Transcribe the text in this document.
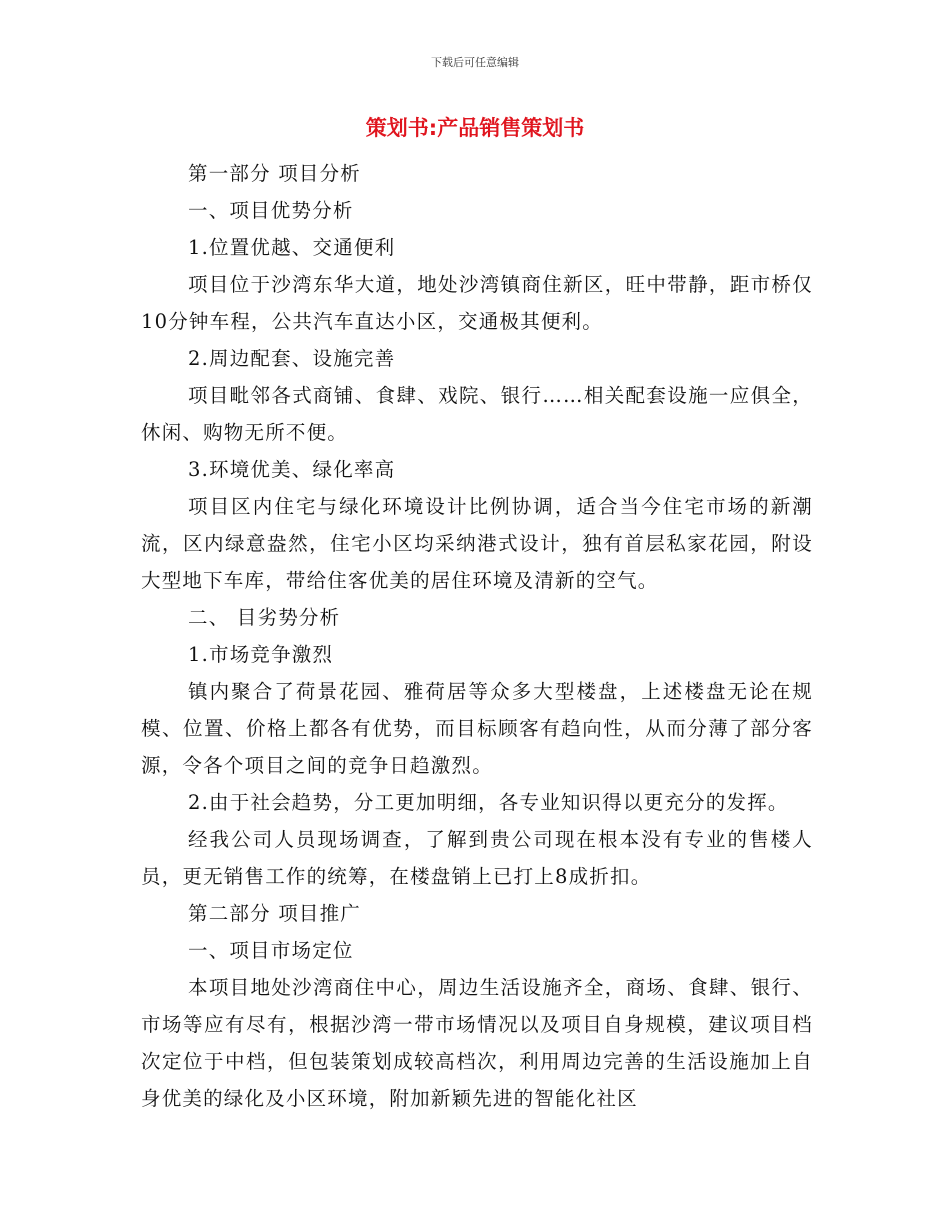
下载后可任意编辑
策划书:产品销售策划书

第一部分 项目分析

一、项目优势分析

1.位置优越、交通便利

项目位于沙湾东华大道，地处沙湾镇商住新区，旺中带静，距市桥仅10分钟车程，公共汽车直达小区，交通极其便利。

2.周边配套、设施完善

项目毗邻各式商铺、食肆、戏院、银行……相关配套设施一应俱全，休闲、购物无所不便。

3.环境优美、绿化率高

项目区内住宅与绿化环境设计比例协调，适合当今住宅市场的新潮流，区内绿意盎然，住宅小区均采纳港式设计，独有首层私家花园，附设大型地下车库，带给住客优美的居住环境及清新的空气。

二、 目劣势分析

1.市场竞争激烈

镇内聚合了荷景花园、雅荷居等众多大型楼盘，上述楼盘无论在规模、位置、价格上都各有优势，而目标顾客有趋向性，从而分薄了部分客源，令各个项目之间的竞争日趋激烈。

2.由于社会趋势，分工更加明细，各专业知识得以更充分的发挥。

经我公司人员现场调查，了解到贵公司现在根本没有专业的售楼人员，更无销售工作的统筹，在楼盘销上已打上8成折扣。

第二部分 项目推广

一、项目市场定位

本项目地处沙湾商住中心，周边生活设施齐全，商场、食肆、银行、市场等应有尽有，根据沙湾一带市场情况以及项目自身规模，建议项目档次定位于中档，但包装策划成较高档次，利用周边完善的生活设施加上自身优美的绿化及小区环境，附加新颖先进的智能化社区
